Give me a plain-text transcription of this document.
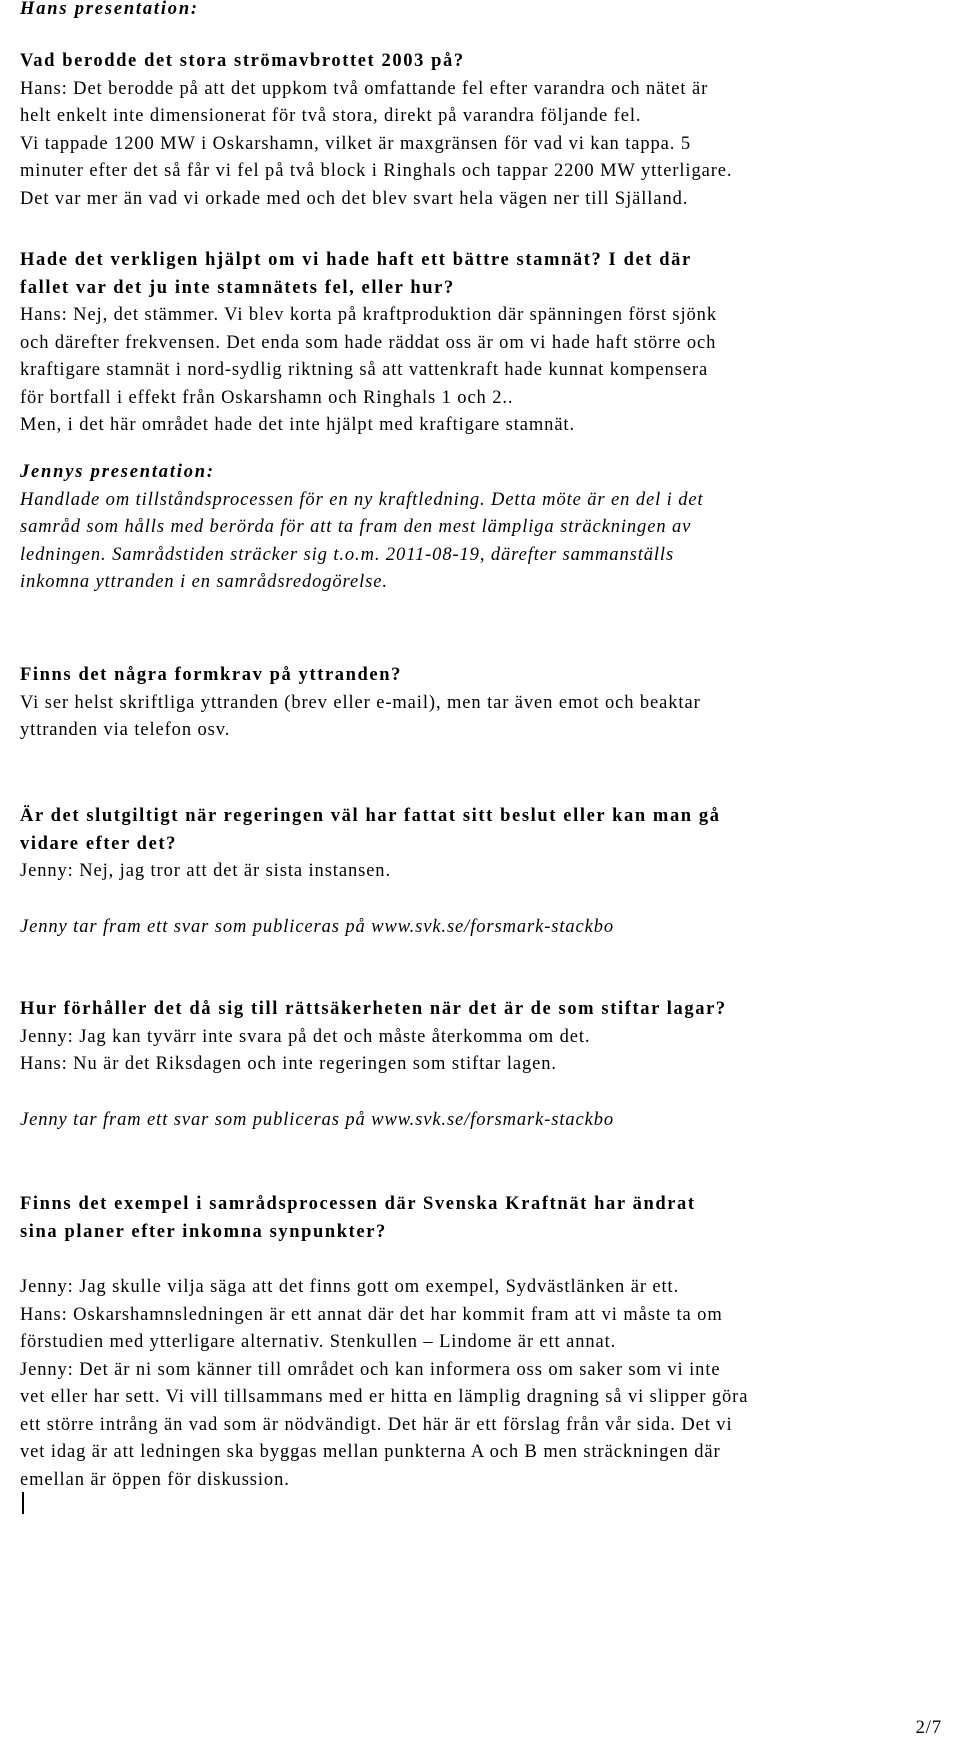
Hans presentation:

Vad berodde det stora strömavbrottet 2003 på?

Hans: Det berodde på att det uppkom två omfattande fel efter varandra och nätet är

helt enkelt inte dimensionerat för två stora, direkt på varandra följande fel.

Vi tappade 1200 MW i Oskarshamn, vilket är maxgränsen för vad vi kan tappa. 5

minuter efter det så får vi fel på två block i Ringhals och tappar 2200 MW ytterligare.

Det var mer än vad vi orkade med och det blev svart hela vägen ner till Själland.

Hade det verkligen hjälpt om vi hade haft ett bättre stamnät? I det där

fallet var det ju inte stamnätets fel, eller hur?

Hans: Nej, det stämmer. Vi blev korta på kraftproduktion där spänningen först sjönk

och därefter frekvensen. Det enda som hade räddat oss är om vi hade haft större och

kraftigare stamnät i nord-sydlig riktning så att vattenkraft hade kunnat kompensera

för bortfall i effekt från Oskarshamn och Ringhals 1 och 2..

Men, i det här området hade det inte hjälpt med kraftigare stamnät.

Jennys presentation:

Handlade om tillståndsprocessen för en ny kraftledning. Detta möte är en del i det

samråd som hålls med berörda för att ta fram den mest lämpliga sträckningen av

ledningen. Samrådstiden sträcker sig t.o.m. 2011-08-19, därefter sammanställs

inkomna yttranden i en samrådsredogörelse.

Finns det några formkrav på yttranden?

Vi ser helst skriftliga yttranden (brev eller e-mail), men tar även emot och beaktar

yttranden via telefon osv.

Är det slutgiltigt när regeringen väl har fattat sitt beslut eller kan man gå

vidare efter det?

Jenny: Nej, jag tror att det är sista instansen.

Jenny tar fram ett svar som publiceras på www.svk.se/forsmark-stackbo

Hur förhåller det då sig till rättsäkerheten när det är de som stiftar lagar?

Jenny: Jag kan tyvärr inte svara på det och måste återkomma om det.

Hans: Nu är det Riksdagen och inte regeringen som stiftar lagen.

Jenny tar fram ett svar som publiceras på www.svk.se/forsmark-stackbo

Finns det exempel i samrådsprocessen där Svenska Kraftnät har ändrat

sina planer efter inkomna synpunkter?

Jenny: Jag skulle vilja säga att det finns gott om exempel, Sydvästlänken är ett.

Hans: Oskarshamnsledningen är ett annat där det har kommit fram att vi måste ta om

förstudien med ytterligare alternativ. Stenkullen – Lindome är ett annat.

Jenny: Det är ni som känner till området och kan informera oss om saker som vi inte

vet eller har sett. Vi vill tillsammans med er hitta en lämplig dragning så vi slipper göra

ett större intrång än vad som är nödvändigt. Det här är ett förslag från vår sida. Det vi

vet idag är att ledningen ska byggas mellan punkterna A och B men sträckningen där

emellan är öppen för diskussion.

2/7
